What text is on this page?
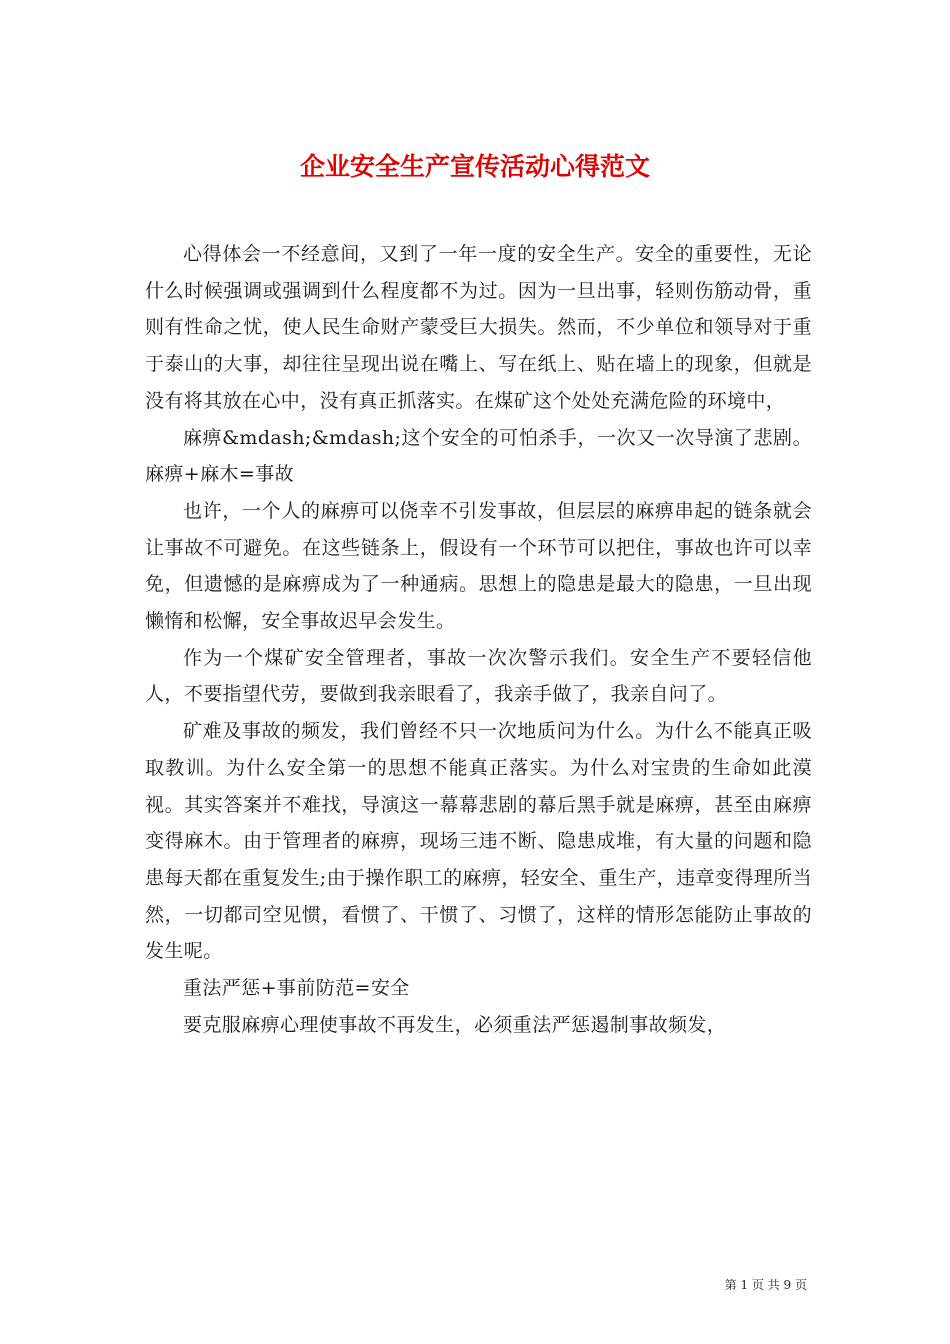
企业安全生产宣传活动心得范文

心得体会一不经意间，又到了一年一度的安全生产。安全的重要性，无论什么时候强调或强调到什么程度都不为过。因为一旦出事，轻则伤筋动骨，重则有性命之忧，使人民生命财产蒙受巨大损失。然而，不少单位和领导对于重于泰山的大事，却往往呈现出说在嘴上、写在纸上、贴在墙上的现象，但就是没有将其放在心中，没有真正抓落实。在煤矿这个处处充满危险的环境中，

麻痹&mdash;&mdash;这个安全的可怕杀手，一次又一次导演了悲剧。麻痹+麻木=事故

也许，一个人的麻痹可以侥幸不引发事故，但层层的麻痹串起的链条就会让事故不可避免。在这些链条上，假设有一个环节可以把住，事故也许可以幸免，但遗憾的是麻痹成为了一种通病。思想上的隐患是最大的隐患，一旦出现懒惰和松懈，安全事故迟早会发生。

作为一个煤矿安全管理者，事故一次次警示我们。安全生产不要轻信他人，不要指望代劳，要做到我亲眼看了，我亲手做了，我亲自问了。

矿难及事故的频发，我们曾经不只一次地质问为什么。为什么不能真正吸取教训。为什么安全第一的思想不能真正落实。为什么对宝贵的生命如此漠视。其实答案并不难找，导演这一幕幕悲剧的幕后黑手就是麻痹，甚至由麻痹变得麻木。由于管理者的麻痹，现场三违不断、隐患成堆，有大量的问题和隐患每天都在重复发生;由于操作职工的麻痹，轻安全、重生产，违章变得理所当然，一切都司空见惯，看惯了、干惯了、习惯了，这样的情形怎能防止事故的发生呢。

重法严惩+事前防范=安全

要克服麻痹心理使事故不再发生，必须重法严惩遏制事故频发，

第 1 页 共 9 页
